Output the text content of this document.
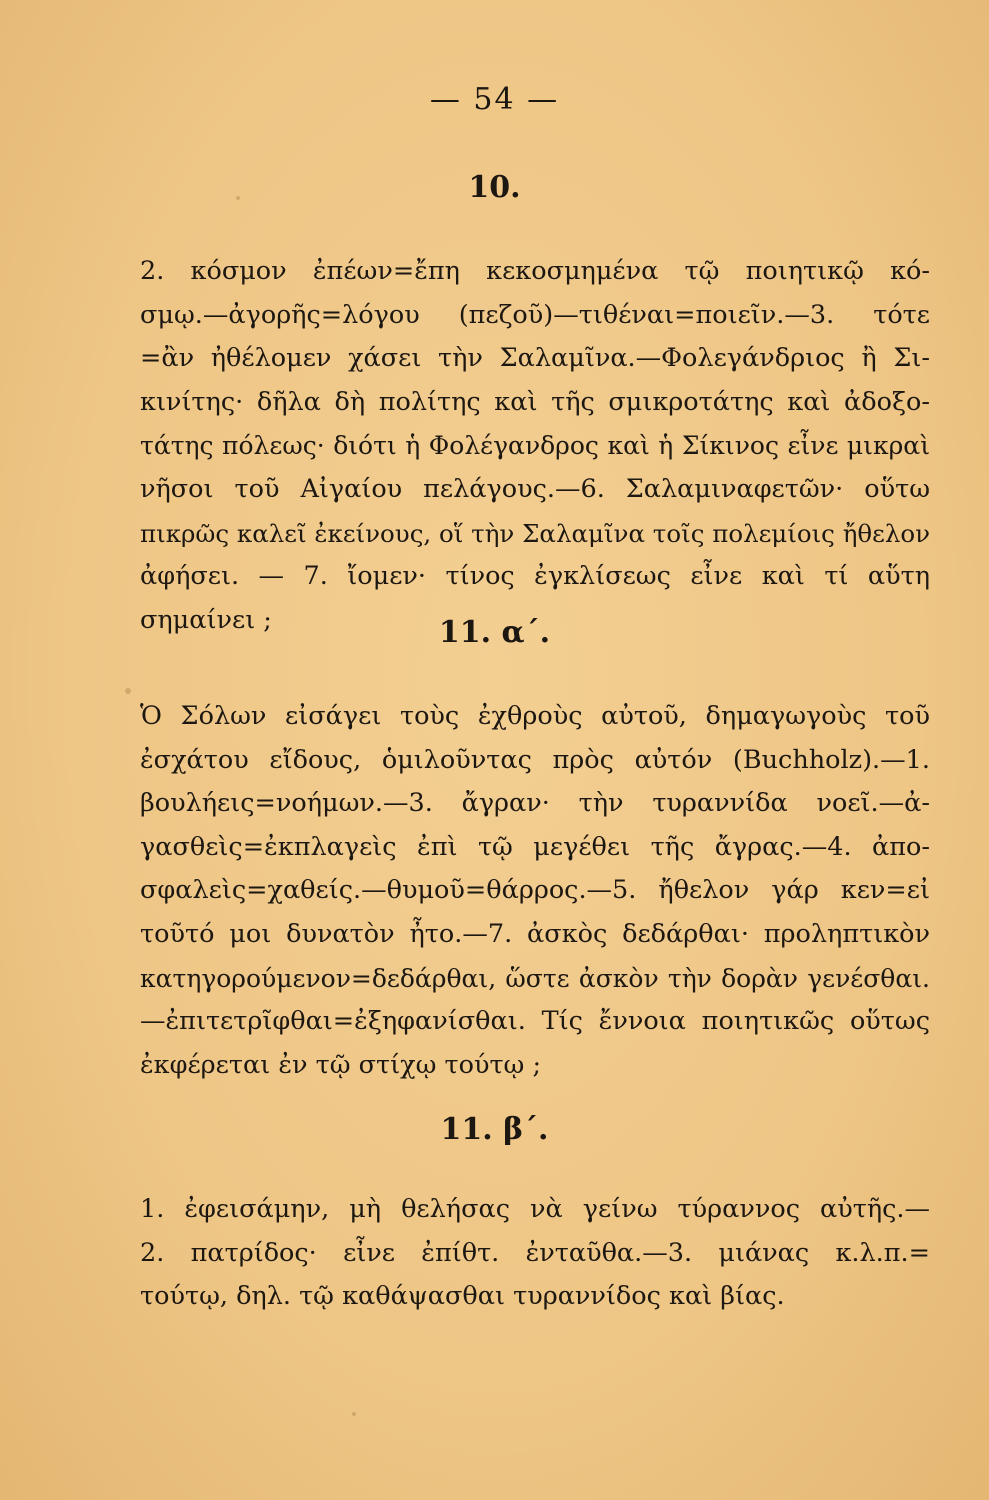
— 54 —
10.
2. κόσμον ἐπέων=ἔπη κεκοσμημένα τῷ ποιητικῷ κό-
σμῳ.—ἀγορῆς=λόγου (πεζοῦ)—τιθέναι=ποιεῖν.—3. τότε
=ἂν ἠθέλομεν χάσει τὴν Σαλαμῖνα.—Φολεγάνδριος ἢ Σι-
κινίτης· δῆλα δὴ πολίτης καὶ τῆς σμικροτάτης καὶ ἀδοξο-
τάτης πόλεως· διότι ἡ Φολέγανδρος καὶ ἡ Σίκινος εἶνε μικραὶ
νῆσοι τοῦ Αἰγαίου πελάγους.—6. Σαλαμιναφετῶν· οὕτω
πικρῶς καλεῖ ἐκείνους, οἵ τὴν Σαλαμῖνα τοῖς πολεμίοις ἤθελον
ἀφήσει. — 7. ἴομεν· τίνος ἐγκλίσεως εἶνε καὶ τί αὕτη
σημαίνει ;	11. α΄.
Ὁ Σόλων εἰσάγει τοὺς ἐχθροὺς αὐτοῦ, δημαγωγοὺς τοῦ
ἐσχάτου εἴδους, ὁμιλοῦντας πρὸς αὐτόν (Buchholz).—1.
βουλήεις=νοήμων.—3. ἄγραν· τὴν τυραννίδα νοεῖ.—ἀ-
γασθεὶς=ἐκπλαγεὶς ἐπὶ τῷ μεγέθει τῆς ἄγρας.—4. ἀπο-
σφαλεὶς=χαθείς.—θυμοῦ=θάρρος.—5. ἤθελον γάρ κεν=εἰ
τοῦτό μοι δυνατὸν ἦτο.—7. ἀσκὸς δεδάρθαι· προληπτικὸν
κατηγορούμενον=δεδάρθαι, ὥστε ἀσκὸν τὴν δορὰν γενέσθαι.
—ἐπιτετρῖφθαι=ἐξηφανίσθαι. Τίς ἔννοια ποιητικῶς οὕτως
ἐκφέρεται ἐν τῷ στίχῳ τούτῳ ;
11. β΄.
1. ἐφεισάμην, μὴ θελήσας νὰ γείνω τύραννος αὐτῆς.—
2. πατρίδος· εἶνε ἐπίθτ. ἐνταῦθα.—3. μιάνας κ.λ.π.=
τούτῳ, δηλ. τῷ καθάψασθαι τυραννίδος καὶ βίας.
